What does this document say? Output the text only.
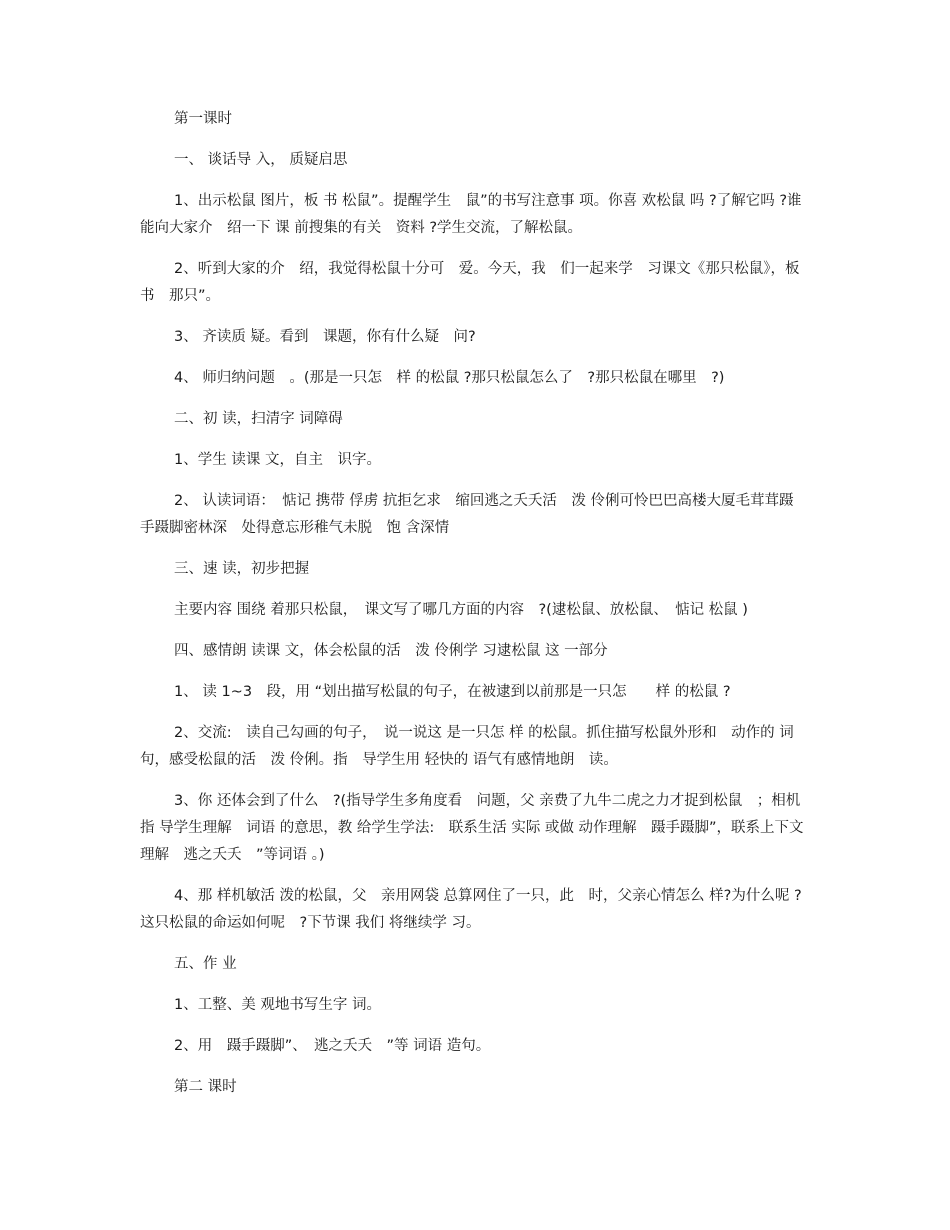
第一课时

一、 谈话导 入， 质疑启思

1、出示松鼠 图片，板 书 松鼠”。提醒学生　鼠”的书写注意事 项。你喜 欢松鼠 吗 ?了解它吗 ?谁能向大家介　绍一下 课 前搜集的有关　资料 ?学生交流，了解松鼠。

2、听到大家的介　绍，我觉得松鼠十分可　爱。今天，我　们一起来学　习课文《那只松鼠》，板　书　那只”。

3、 齐读质 疑。看到　课题，你有什么疑　问?

4、 师归纳问题　。(那是一只怎　样 的松鼠 ?那只松鼠怎么了　?那只松鼠在哪里　?)

二、初 读，扫清字 词障碍

1、学生 读课 文，自主　识字。

2、 认读词语：　惦记 携带 俘虏 抗拒乞求　缩回逃之夭夭活　泼 伶俐可怜巴巴高楼大厦毛茸茸蹑 手蹑脚密林深　处得意忘形稚气未脱　饱 含深情

三、速 读，初步把握

主要内容 围绕 着那只松鼠，　课文写了哪几方面的内容　?(逮松鼠、放松鼠、　惦记 松鼠 )

四、感情朗 读课 文，体会松鼠的活　泼 伶俐学 习逮松鼠 这 一部分

1、 读 1~3　段，用 “划出描写松鼠的句子，在被逮到以前那是一只怎　　样 的松鼠 ?

2、交流:　读自己勾画的句子，　说一说这 是一只怎 样 的松鼠。抓住描写松鼠外形和　动作的 词句，感受松鼠的活　泼 伶俐。指　导学生用 轻快的 语气有感情地朗　读。

3、你 还体会到了什么　?(指导学生多角度看　问题，父 亲费了九牛二虎之力才捉到松鼠　；相机指 导学生理解　词语 的意思，教 给学生学法:　联系生活 实际 或做 动作理解　蹑手蹑脚”，联系上下文理解　逃之夭夭　”等词语 。)

4、那 样机敏活 泼的松鼠，父　亲用网袋 总算网住了一只，此　时，父亲心情怎么 样?为什么呢 ?这只松鼠的命运如何呢　?下节课 我们 将继续学 习。

五、作 业

1、工整、美 观地书写生字 词。

2、用　蹑手蹑脚”、　逃之夭夭　”等 词语 造句。

第二 课时
